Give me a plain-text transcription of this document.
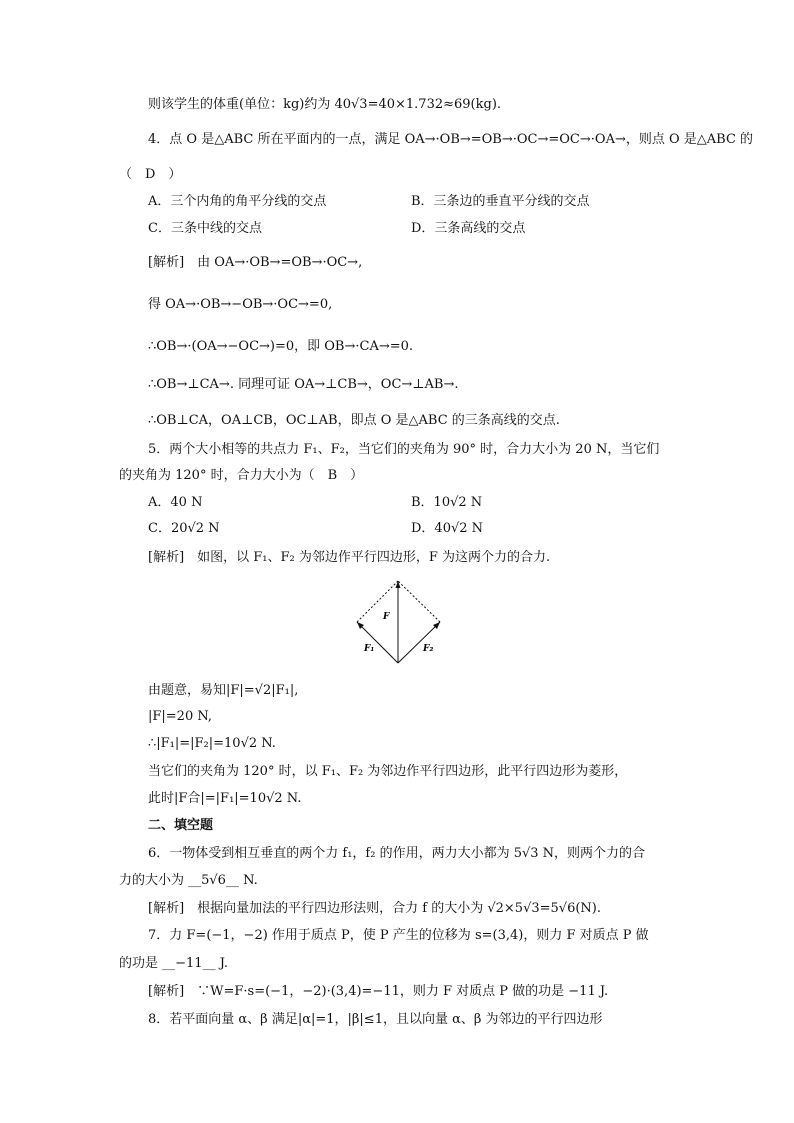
则该学生的体重(单位：kg)约为 40√3=40×1.732≈69(kg).
4．点 O 是△ABC 所在平面内的一点，满足 OA→·OB→=OB→·OC→=OC→·OA→，则点 O 是△ABC 的
（　D　）
A．三个内角的角平分线的交点	B．三条边的垂直平分线的交点
C．三条中线的交点	D．三条高线的交点
[解析]　由 OA→·OB→=OB→·OC→,
得 OA→·OB→−OB→·OC→=0,
∴OB→·(OA→−OC→)=0，即 OB→·CA→=0.
∴OB→⊥CA→. 同理可证 OA→⊥CB→，OC→⊥AB→.
∴OB⊥CA，OA⊥CB，OC⊥AB，即点 O 是△ABC 的三条高线的交点.
5．两个大小相等的共点力 F₁、F₂，当它们的夹角为 90° 时，合力大小为 20 N，当它们
的夹角为 120° 时，合力大小为（　B　）
A．40 N	B．10√2 N
C．20√2 N	D．40√2 N
[解析]　如图，以 F₁、F₂ 为邻边作平行四边形，F 为这两个力的合力.
F
F₁	F₂
由题意，易知|F|=√2|F₁|,
|F|=20 N,
∴|F₁|=|F₂|=10√2 N.
当它们的夹角为 120° 时，以 F₁、F₂ 为邻边作平行四边形，此平行四边形为菱形，
此时|F合|=|F₁|=10√2 N.
二、填空题
6．一物体受到相互垂直的两个力 f₁，f₂ 的作用，两力大小都为 5√3 N，则两个力的合
力的大小为 __5√6__ N.
[解析]　根据向量加法的平行四边形法则，合力 f 的大小为 √2×5√3=5√6(N).
7．力 F=(−1，−2) 作用于质点 P，使 P 产生的位移为 s=(3,4)，则力 F 对质点 P 做
的功是 __−11__ J.
[解析]　∵W=F·s=(−1，−2)·(3,4)=−11，则力 F 对质点 P 做的功是 −11 J.
8．若平面向量 α、β 满足|α|=1，|β|≤1，且以向量 α、β 为邻边的平行四边形
